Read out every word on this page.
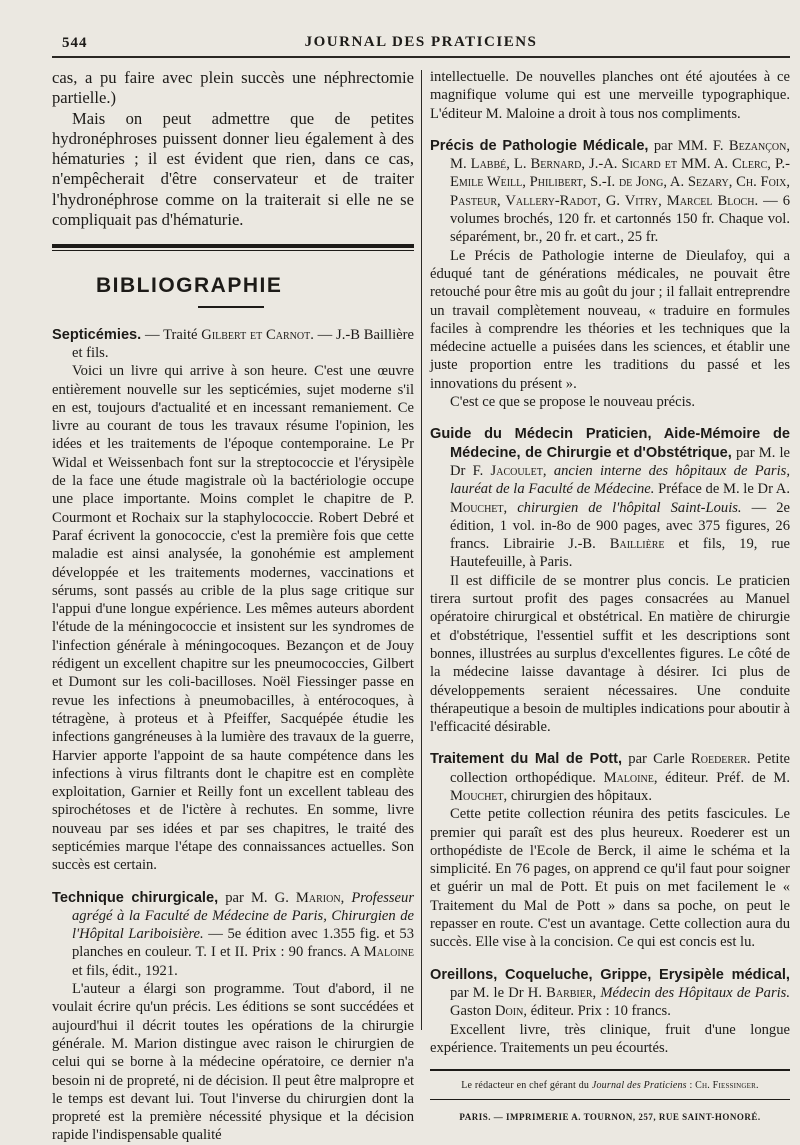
544	JOURNAL DES PRATICIENS

cas, a pu faire avec plein succès une néphrectomie partielle.)

Mais on peut admettre que de petites hydronéphroses puissent donner lieu également à des hématuries ; il est évident que rien, dans ce cas, n'empêcherait d'être conservateur et de traiter l'hydronéphrose comme on la traiterait si elle ne se compliquait pas d'hématurie.

BIBLIOGRAPHIE

Septicémies. — Traité Gilbert et Carnot. — J.-B Baillière et fils.

Voici un livre qui arrive à son heure. C'est une œuvre entièrement nouvelle sur les septicémies, sujet moderne s'il en est, toujours d'actualité et en incessant remaniement. Ce livre au courant de tous les travaux résume l'opinion, les idées et les traitements de l'époque contemporaine. Le Pr Widal et Weissenbach font sur la streptococcie et l'érysipèle de la face une étude magistrale où la bactériologie occupe une place importante. Moins complet le chapitre de P. Courmont et Rochaix sur la staphylococcie. Robert Debré et Paraf écrivent la gonococcie, c'est la première fois que cette maladie est ainsi analysée, la gonohémie est amplement développée et les traitements modernes, vaccinations et sérums, sont passés au crible de la plus sage critique sur l'appui d'une longue expérience. Les mêmes auteurs abordent l'étude de la méningococcie et insistent sur les syndromes de l'infection générale à méningocoques. Bezançon et de Jouy rédigent un excellent chapitre sur les pneumococcies, Gilbert et Dumont sur les coli-bacilloses. Noël Fiessinger passe en revue les infections à pneumobacilles, à entérocoques, à tétragène, à proteus et à Pfeiffer, Sacquépée étudie les infections gangréneuses à la lumière des travaux de la guerre, Harvier apporte l'appoint de sa haute compétence dans les infections à virus filtrants dont le chapitre est en complète exploitation, Garnier et Reilly font un excellent tableau des spirochétoses et de l'ictère à rechutes. En somme, livre nouveau par ses idées et par ses chapitres, le traité des septicémies marque l'étape des connaissances actuelles. Son succès est certain.

Technique chirurgicale, par M. G. Marion, Professeur agrégé à la Faculté de Médecine de Paris, Chirurgien de l'Hôpital Lariboisière. — 5e édition avec 1.355 fig. et 53 planches en couleur. T. I et II. Prix : 90 francs. A Maloine et fils, édit., 1921.

L'auteur a élargi son programme. Tout d'abord, il ne voulait écrire qu'un précis. Les éditions se sont succédées et aujourd'hui il décrit toutes les opérations de la chirurgie générale. M. Marion distingue avec raison le chirurgien de celui qui se borne à la médecine opératoire, ce dernier n'a besoin ni de propreté, ni de décision. Il peut être malpropre et le temps est devant lui. Tout l'inverse du chirurgien dont la propreté est la première nécessité physique et la décision rapide l'indispensable qualité

intellectuelle. De nouvelles planches ont été ajoutées à ce magnifique volume qui est une merveille typographique. L'éditeur M. Maloine a droit à tous nos compliments.

Précis de Pathologie Médicale, par MM. F. Bezançon, M. Labbé, L. Bernard, J.-A. Sicard et MM. A. Clerc, P.-Emile Weill, Philibert, S.-I. de Jong, A. Sezary, Ch. Foix, Pasteur, Vallery-Radot, G. Vitry, Marcel Bloch. — 6 volumes brochés, 120 fr. et cartonnés 150 fr. Chaque vol. séparément, br., 20 fr. et cart., 25 fr.

Le Précis de Pathologie interne de Dieulafoy, qui a éduqué tant de générations médicales, ne pouvait être retouché pour être mis au goût du jour ; il fallait entreprendre un travail complètement nouveau, « traduire en formules faciles à comprendre les théories et les techniques que la médecine actuelle a puisées dans les sciences, et établir une juste proportion entre les traditions du passé et les innovations du présent ».

C'est ce que se propose le nouveau précis.

Guide du Médecin Praticien, Aide-Mémoire de Médecine, de Chirurgie et d'Obstétrique, par M. le Dr F. Jacoulet, ancien interne des hôpitaux de Paris, lauréat de la Faculté de Médecine. Préface de M. le Dr A. Mouchet, chirurgien de l'hôpital Saint-Louis. — 2e édition, 1 vol. in-8o de 900 pages, avec 375 figures, 26 francs. Librairie J.-B. Baillière et fils, 19, rue Hautefeuille, à Paris.

Il est difficile de se montrer plus concis. Le praticien tirera surtout profit des pages consacrées au Manuel opératoire chirurgical et obstétrical. En matière de chirurgie et d'obstétrique, l'essentiel suffit et les descriptions sont bonnes, illustrées au surplus d'excellentes figures. Le côté de la médecine laisse davantage à désirer. Ici plus de développements seraient nécessaires. Une conduite thérapeutique a besoin de multiples indications pour aboutir à l'efficacité désirable.

Traitement du Mal de Pott, par Carle Roederer. Petite collection orthopédique. Maloine, éditeur. Préf. de M. Mouchet, chirurgien des hôpitaux.

Cette petite collection réunira des petits fascicules. Le premier qui paraît est des plus heureux. Roederer est un orthopédiste de l'Ecole de Berck, il aime le schéma et la simplicité. En 76 pages, on apprend ce qu'il faut pour soigner et guérir un mal de Pott. Et puis on met facilement le « Traitement du Mal de Pott » dans sa poche, on peut le repasser en route. C'est un avantage. Cette collection aura du succès. Elle vise à la concision. Ce qui est concis est lu.

Oreillons, Coqueluche, Grippe, Erysipèle médical, par M. le Dr H. Barbier, Médecin des Hôpitaux de Paris. Gaston Doin, éditeur. Prix : 10 francs.

Excellent livre, très clinique, fruit d'une longue expérience. Traitements un peu écourtés.

Le rédacteur en chef gérant du Journal des Praticiens : Ch. Fiessinger.
PARIS. — IMPRIMERIE A. TOURNON, 257, RUE SAINT-HONORÉ.
